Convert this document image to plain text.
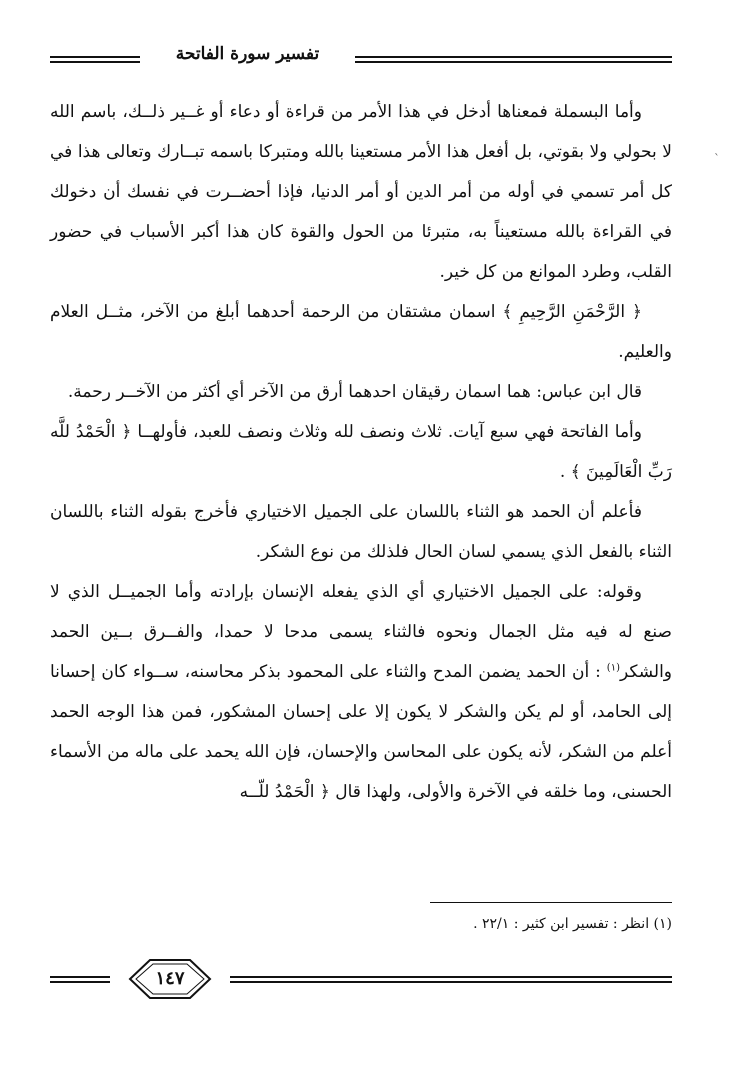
تفسير سورة الفاتحة
ˋ

وأما البسملة فمعناها أدخل في هذا الأمر من قراءة أو دعاء أو غــير ذلــك، باسم الله لا بحولي ولا بقوتي، بل أفعل هذا الأمر مستعينا بالله ومتبركا باسمه تبــارك وتعالى هذا في كل أمر تسمي في أوله من أمر الدين أو أمر الدنيا، فإذا أحضــرت في نفسك أن دخولك في القراءة بالله مستعيناً به، متبرئا من الحول والقوة كان هذا أكبر الأسباب في حضور القلب، وطرد الموانع من كل خير.

﴿ الرَّحْمَنِ الرَّحِيمِ ﴾ اسمان مشتقان من الرحمة أحدهما أبلغ من الآخر، مثــل العلام والعليم.

قال ابن عباس: هما اسمان رقيقان احدهما أرق من الآخر أي أكثر من الآخــر رحمة.

وأما الفاتحة فهي سبع آيات. ثلاث ونصف لله وثلاث ونصف للعبد، فأولهــا ﴿ الْحَمْدُ للَّه رَبِّ الْعَالَمِينَ ﴾ .

فأعلم أن الحمد هو الثناء باللسان على الجميل الاختياري فأخرج بقوله الثناء باللسان الثناء بالفعل الذي يسمي لسان الحال فلذلك من نوع الشكر.

وقوله: على الجميل الاختياري أي الذي يفعله الإنسان بإرادته وأما الجميــل الذي لا صنع له فيه مثل الجمال ونحوه فالثناء يسمى مدحا لا حمدا، والفــرق بــين الحمد والشكر$^{(١)}$ : أن الحمد يضمن المدح والثناء على المحمود بذكر محاسنه، ســواء كان إحسانا إلى الحامد، أو لم يكن والشكر لا يكون إلا على إحسان المشكور، فمن هذا الوجه الحمد أعلم من الشكر، لأنه يكون على المحاسن والإحسان، فإن الله يحمد على ماله من الأسماء الحسنى، وما خلقه في الآخرة والأولى، ولهذا قال ﴿ الْحَمْدُ للّــه

(١) انظر : تفسير ابن كثير : ٢٢/١ .
١٤٧
